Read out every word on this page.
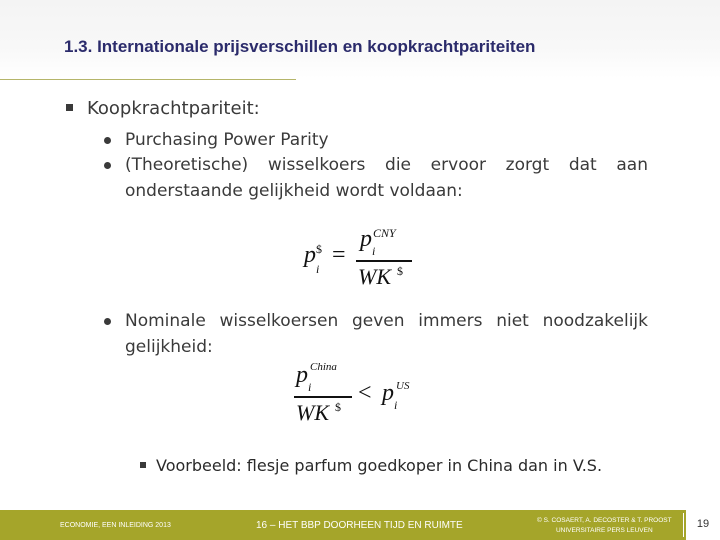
1.3. Internationale prijsverschillen en koopkrachtpariteiten
Koopkrachtpariteit:
Purchasing Power Parity
(Theoretische) wisselkoers die ervoor zorgt dat aan onderstaande gelijkheid wordt voldaan:
p
i
$ =
p i
CNY
WK $
Nominale wisselkoersen geven immers niet noodzakelijk gelijkheid:
p i
China
WK $
< p i
US
Voorbeeld: flesje parfum goedkoper in China dan in V.S.
ECONOMIE, EEN INLEIDING 2013	16 – HET BBP DOORHEEN TIJD EN RUIMTE	© S. COSAERT, A. DECOSTER & T. PROOST
UNIVERSITAIRE PERS LEUVEN
19
